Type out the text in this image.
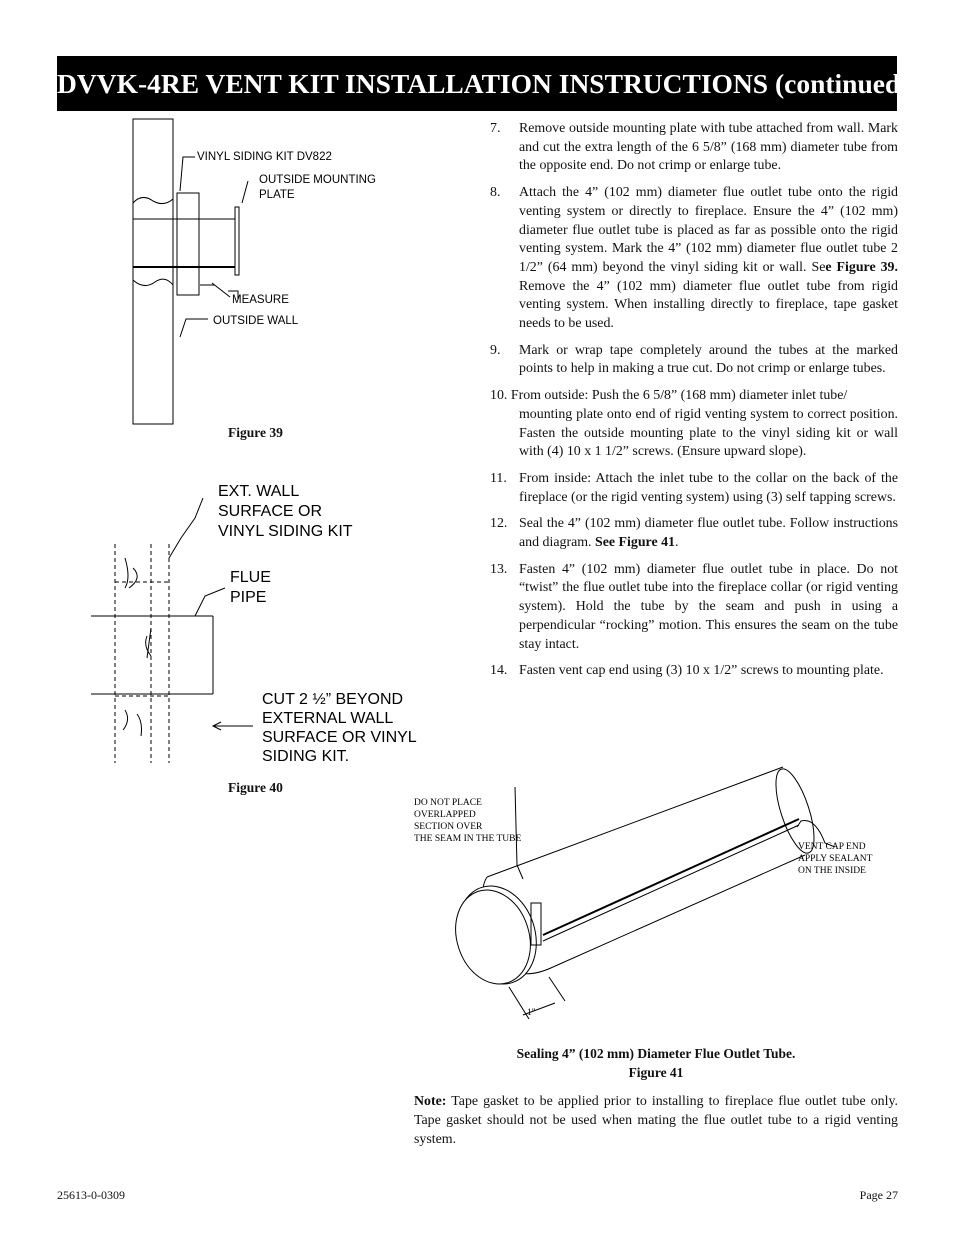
DVVK-4RE VENT KIT INSTALLATION INSTRUCTIONS (continued)
VINYL SIDING KIT DV822
OUTSIDE MOUNTING
PLATE
MEASURE
OUTSIDE WALL
Figure 39
EXT. WALL
SURFACE OR
VINYL SIDING KIT
FLUE
PIPE
CUT 2 ½” BEYOND
EXTERNAL WALL
SURFACE OR VINYL
SIDING KIT.
Figure 40
7. Remove outside mounting plate with tube attached from wall. Mark and cut the extra length of the 6 5/8” (168 mm) diameter tube from the opposite end. Do not crimp or enlarge tube.
8. Attach the 4” (102 mm) diameter flue outlet tube onto the rigid venting system or directly to fireplace. Ensure the 4” (102 mm) diameter flue outlet tube is placed as far as possible onto the rigid venting system. Mark the 4” (102 mm) diameter flue outlet tube 2 1/2” (64 mm) beyond the vinyl siding kit or wall. See Figure 39. Remove the 4” (102 mm) diameter flue outlet tube from rigid venting system. When installing directly to fireplace, tape gasket needs to be used.
9. Mark or wrap tape completely around the tubes at the marked points to help in making a true cut. Do not crimp or enlarge tubes.
10. From outside: Push the 6 5/8” (168 mm) diameter inlet tube/
mounting plate onto end of rigid venting system to correct position. Fasten the outside mounting plate to the vinyl siding kit or wall with (4) 10 x 1 1/2” screws. (Ensure upward slope).
11. From inside: Attach the inlet tube to the collar on the back of the fireplace (or the rigid venting system) using (3) self tapping screws.
12. Seal the 4” (102 mm) diameter flue outlet tube. Follow instructions and diagram. See Figure 41.
13. Fasten 4” (102 mm) diameter flue outlet tube in place. Do not “twist” the flue outlet tube into the fireplace collar (or rigid venting system). Hold the tube by the seam and push in using a perpendicular “rocking” motion. This ensures the seam on the tube stay intact.
14. Fasten vent cap end using (3) 10 x 1/2” screws to mounting plate.
DO NOT PLACE
OVERLAPPED
SECTION OVER
THE SEAM IN THE TUBE
VENT CAP END
APPLY SEALANT
ON THE INSIDE
1"
Sealing 4” (102 mm) Diameter Flue Outlet Tube.
Figure 41
Note: Tape gasket to be applied prior to installing to fireplace flue outlet tube only. Tape gasket should not be used when mating the flue outlet tube to a rigid venting system.
25613-0-0309	Page 27
